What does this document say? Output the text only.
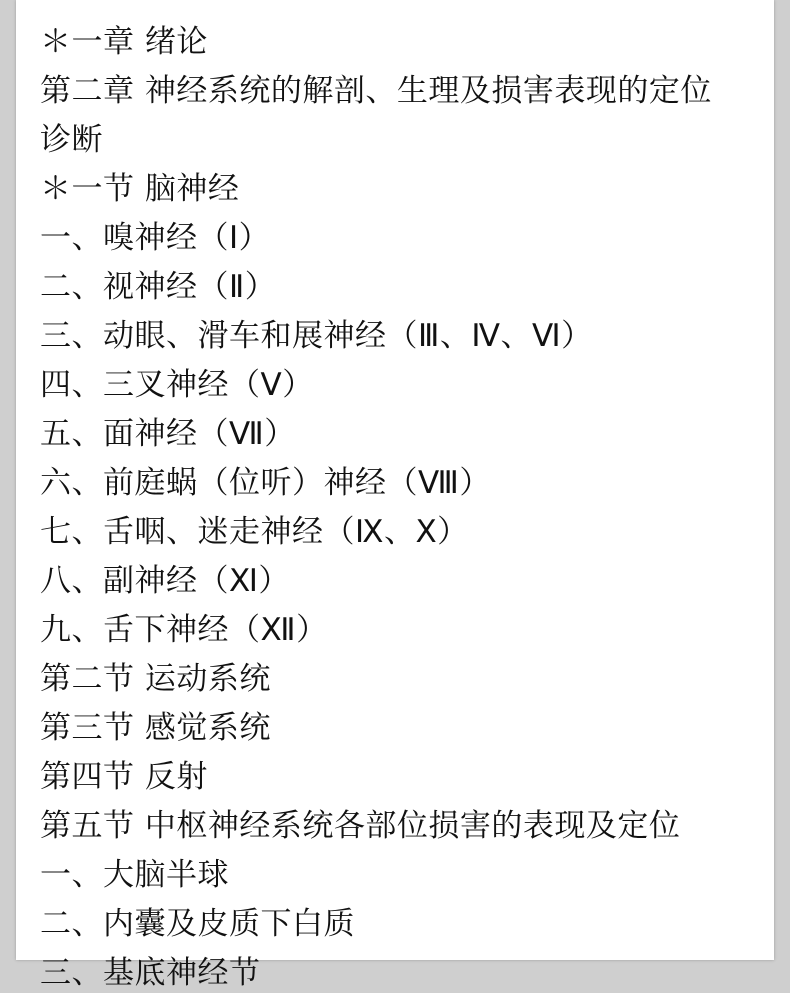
＊一章 绪论

第二章 神经系统的解剖、生理及损害表现的定位

诊断

＊一节 脑神经

一、嗅神经（Ⅰ）

二、视神经（Ⅱ）

三、动眼、滑车和展神经（Ⅲ、Ⅳ、Ⅵ）

四、三叉神经（Ⅴ）

五、面神经（Ⅶ）

六、前庭蜗（位听）神经（Ⅷ）

七、舌咽、迷走神经（Ⅸ、Ⅹ）

八、副神经（Ⅺ）

九、舌下神经（Ⅻ）

第二节 运动系统

第三节 感觉系统

第四节 反射

第五节 中枢神经系统各部位损害的表现及定位

一、大脑半球

二、内囊及皮质下白质

三、基底神经节
